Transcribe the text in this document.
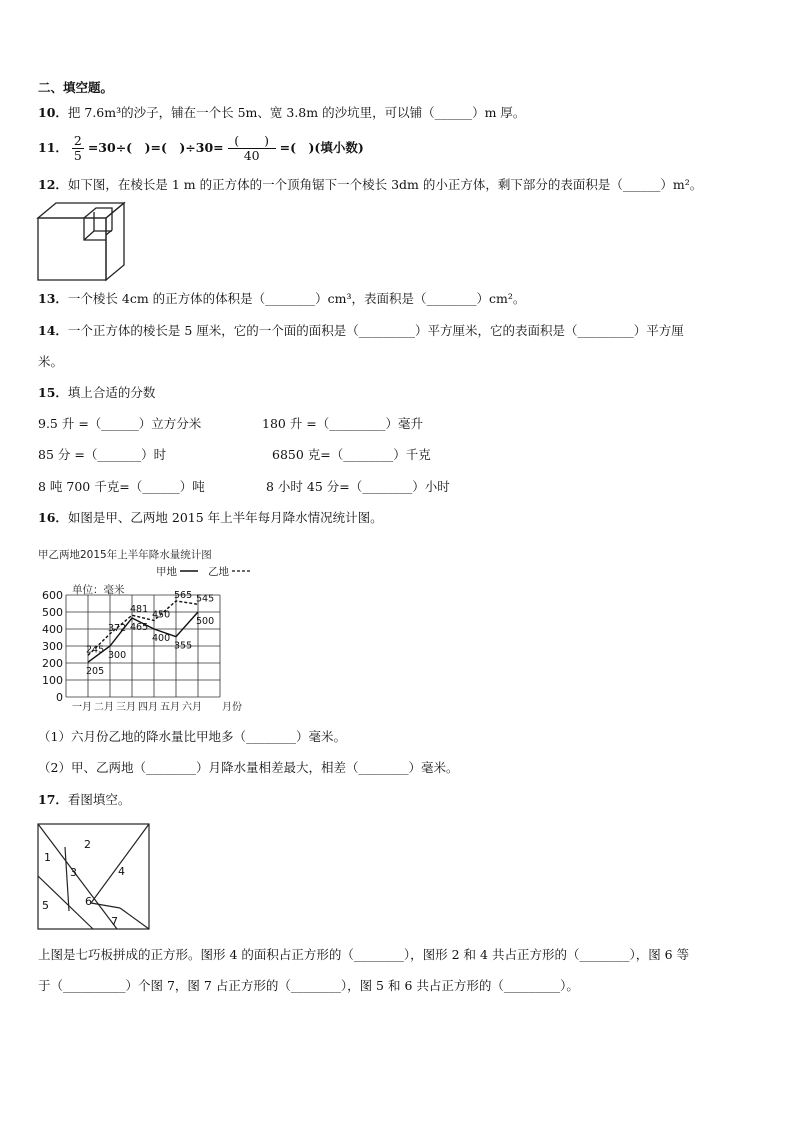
二、填空题。
10．把 7.6m³的沙子，铺在一个长 5m、宽 3.8m 的沙坑里，可以铺（______）m 厚。
11． $\frac{2}{5} =30\div$(　)=(　)$\div 30= \frac{( )}{40}$ =(　)(填小数)
12．如下图，在棱长是 1 m 的正方体的一个顶角锯下一个棱长 3dm 的小正方体，剩下部分的表面积是（______）m²。
13．一个棱长 4cm 的正方体的体积是（________）cm³，表面积是（________）cm²。
14．一个正方体的棱长是 5 厘米，它的一个面的面积是（_________）平方厘米，它的表面积是（_________）平方厘
米。
15．填上合适的分数
9.5 升 =（______）立方分米	180 升 =（_________）毫升
85 分 =（_______）时	6850 克=（________）千克
8 吨 700 千克=（______）吨	8 小时 45 分=（________）小时
16．如图是甲、乙两地 2015 年上半年每月降水情况统计图。
甲乙两地2015年上半年降水量统计图
甲地	乙地
单位：毫米
0
100
200
300
400
500
600
一月 二月 三月 四月 五月 六月
205
300
465
400
355
500
245
372
481 450
565 545
月份
（1）六月份乙地的降水量比甲地多（________）毫米。
（2）甲、乙两地（________）月降水量相差最大，相差（________）毫米。
17．看图填空。
1
2
3	4
5	6
7
上图是七巧板拼成的正方形。图形 4 的面积占正方形的（________），图形 2 和 4 共占正方形的（________），图 6 等
于（__________）个图 7，图 7 占正方形的（________），图 5 和 6 共占正方形的（_________）。
